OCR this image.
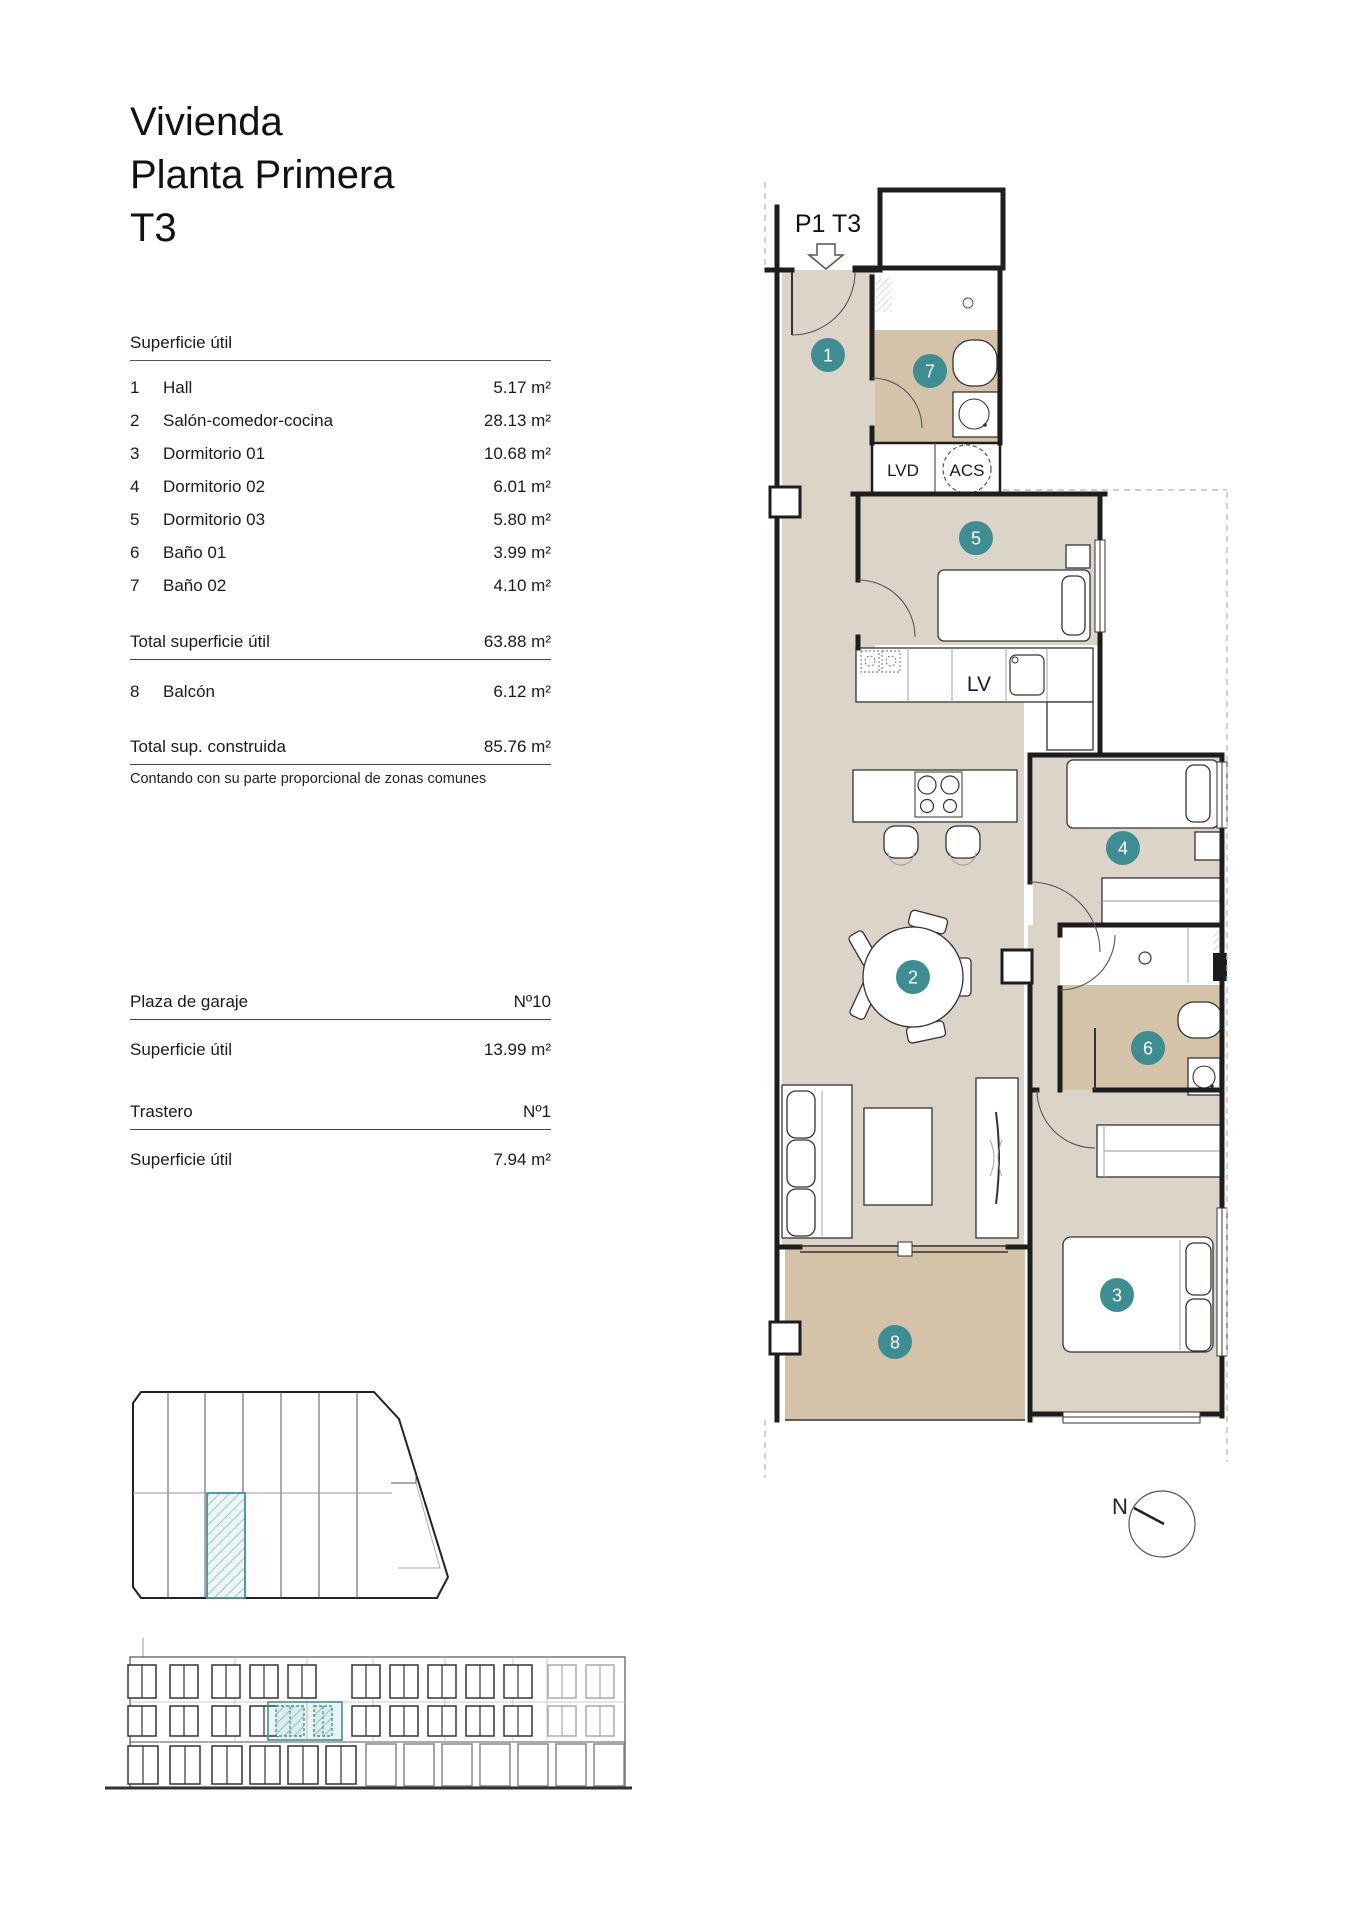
Vivienda
Planta Primera
T3
Superficie útil
1	Hall	5.17 m²
2	Salón-comedor-cocina	28.13 m²
3	Dormitorio 01	10.68 m²
4	Dormitorio 02	6.01 m²
5	Dormitorio 03	5.80 m²
6	Baño 01	3.99 m²
7	Baño 02	4.10 m²
Total superficie útil	63.88 m²
8	Balcón	6.12 m²
Total sup. construida	85.76 m²
Contando con su parte proporcional de zonas comunes
Plaza de garaje	Nº10
Superficie útil	13.99 m²
Trastero	Nº1
Superficie útil	7.94 m²
LV
LVD ACS
P1 T3
1
2
3
4
5
6
7
8
N
